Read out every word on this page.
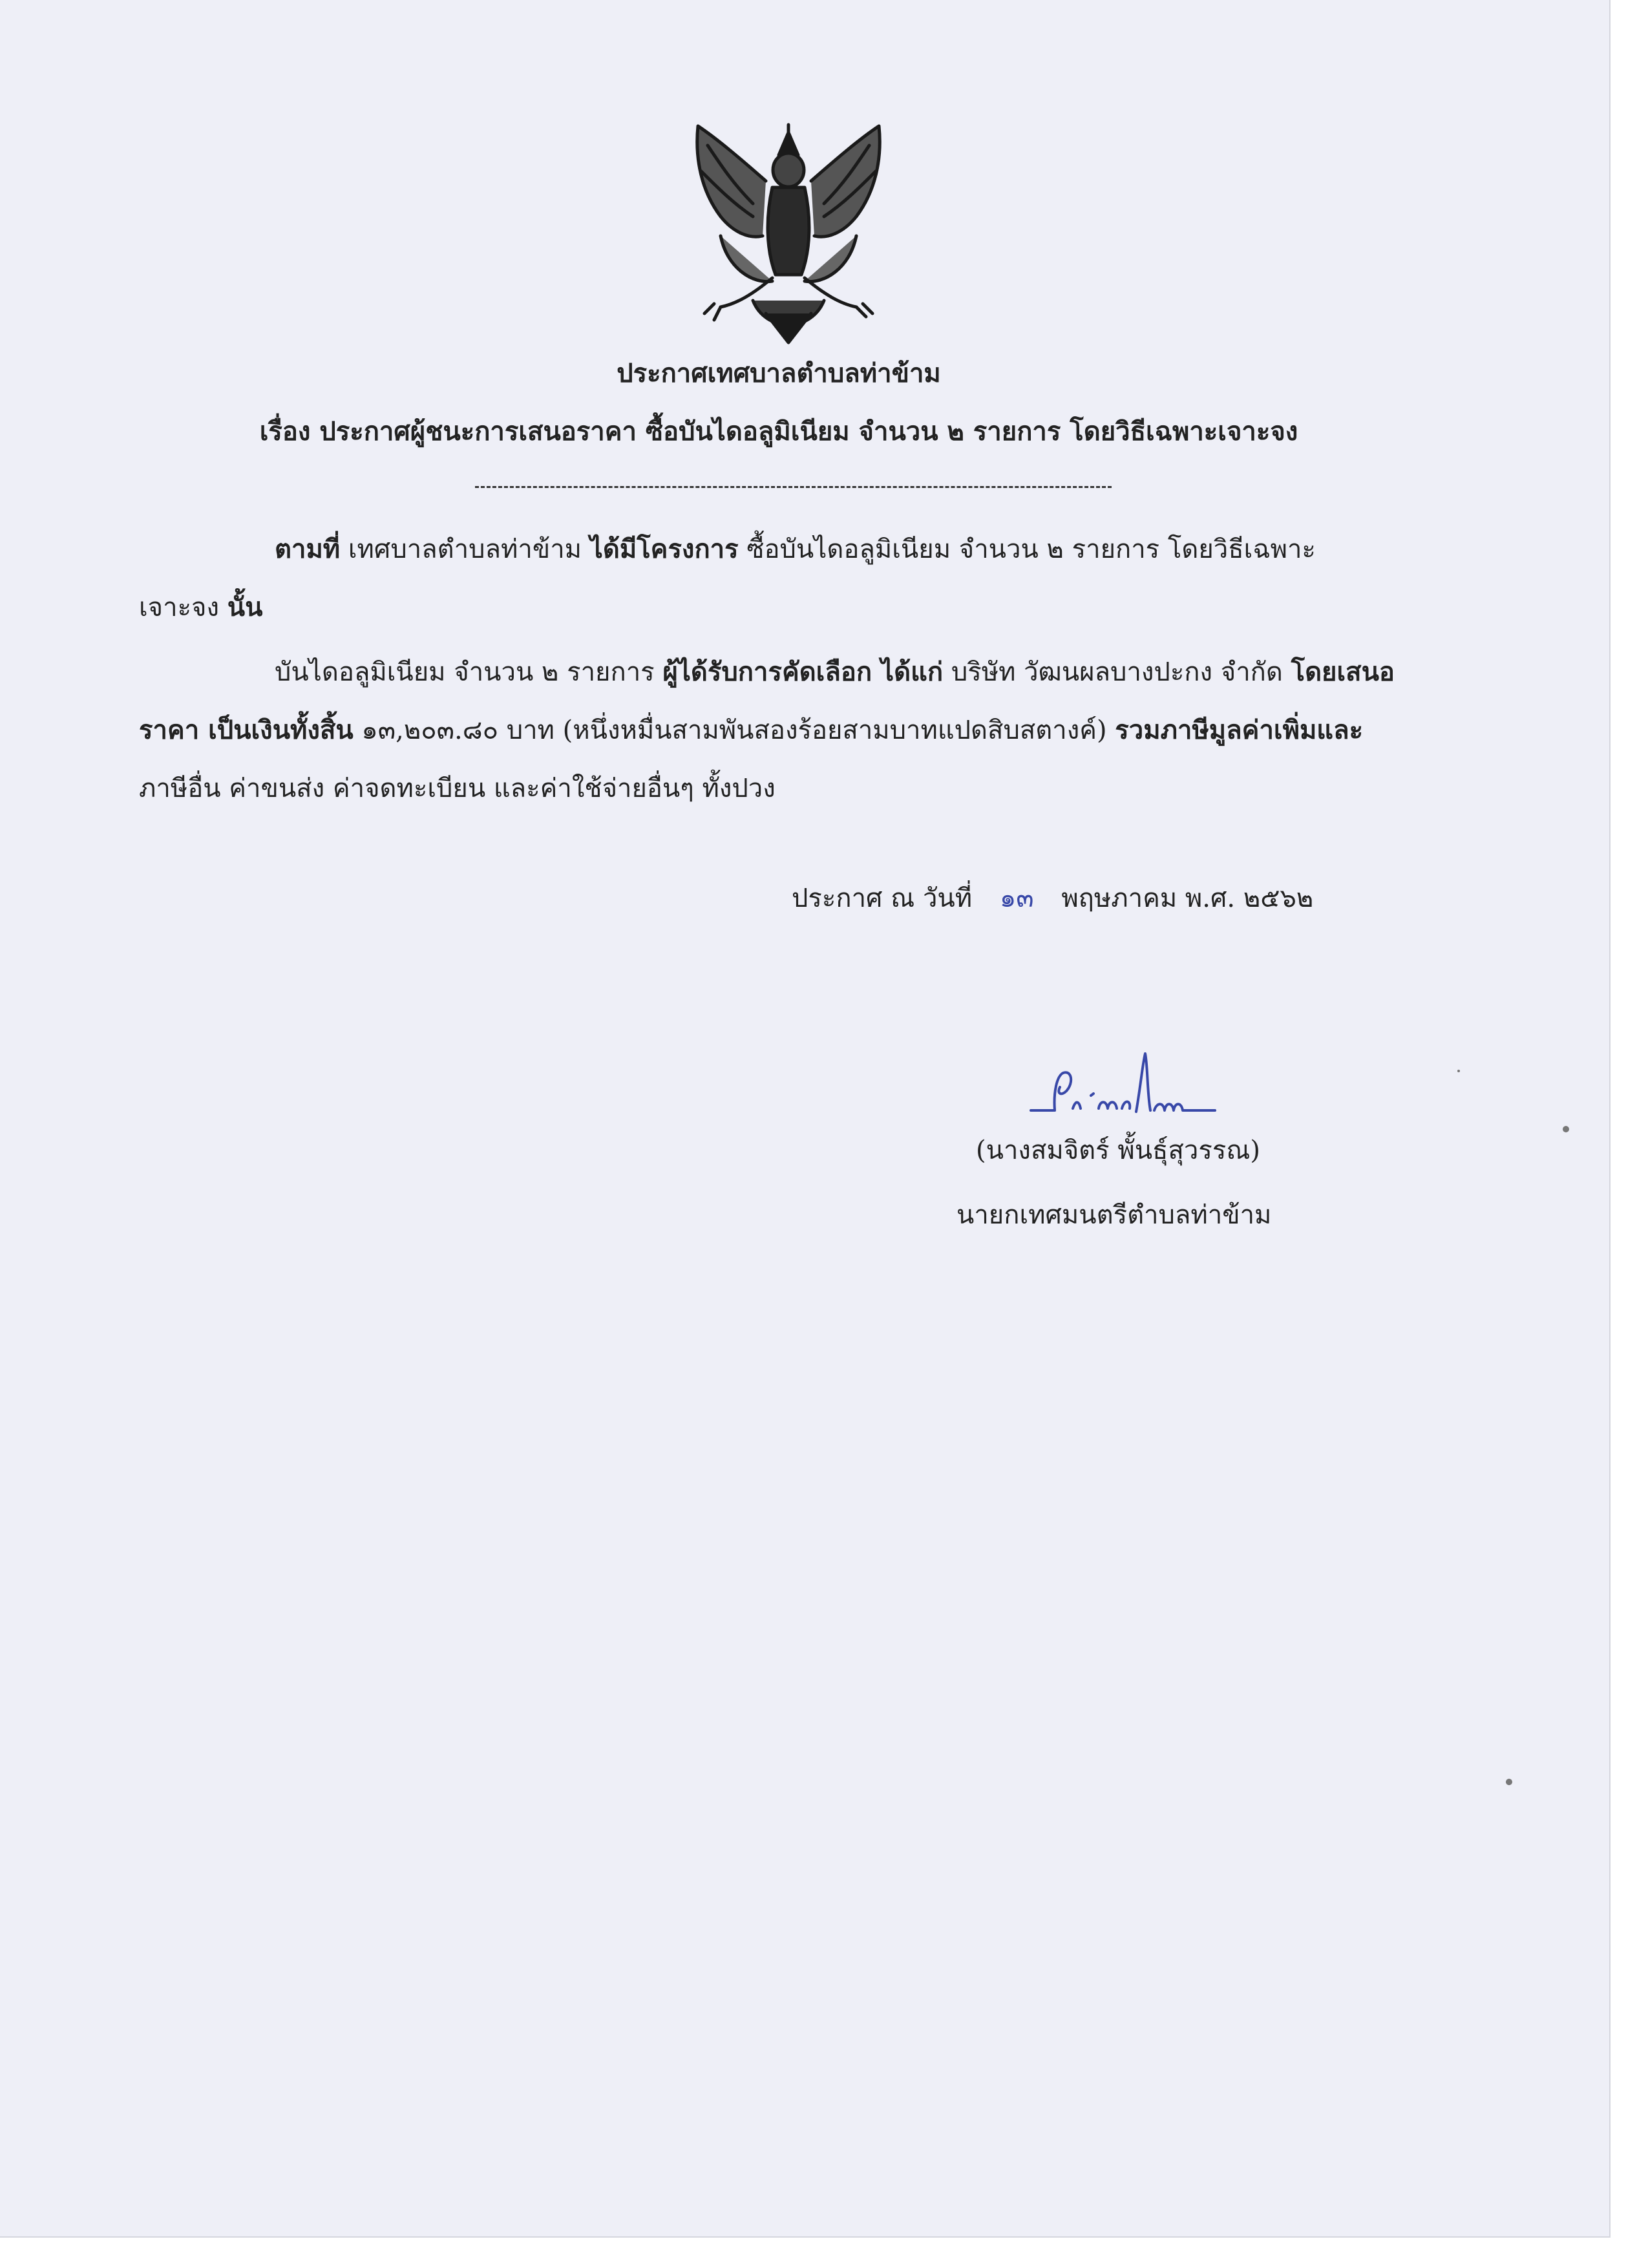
ประกาศเทศบาลตำบลท่าข้าม
เรื่อง ประกาศผู้ชนะการเสนอราคา ซื้อบันไดอลูมิเนียม จำนวน ๒ รายการ โดยวิธีเฉพาะเจาะจง
ตามที่ เทศบาลตำบลท่าข้าม ได้มีโครงการ ซื้อบันไดอลูมิเนียม จำนวน ๒ รายการ โดยวิธีเฉพาะ
เจาะจง นั้น
บันไดอลูมิเนียม จำนวน ๒ รายการ ผู้ได้รับการคัดเลือก ได้แก่ บริษัท วัฒนผลบางปะกง จำกัด โดยเสนอ
ราคา เป็นเงินทั้งสิ้น ๑๓,๒๐๓.๘๐ บาท (หนึ่งหมื่นสามพันสองร้อยสามบาทแปดสิบสตางค์) รวมภาษีมูลค่าเพิ่มและ
ภาษีอื่น ค่าขนส่ง ค่าจดทะเบียน และค่าใช้จ่ายอื่นๆ ทั้งปวง
ประกาศ ณ วันที่ ๑๓ พฤษภาคม พ.ศ. ๒๕๖๒
(นางสมจิตร์ พั้นธุ์สุวรรณ)
นายกเทศมนตรีตำบลท่าข้าม
